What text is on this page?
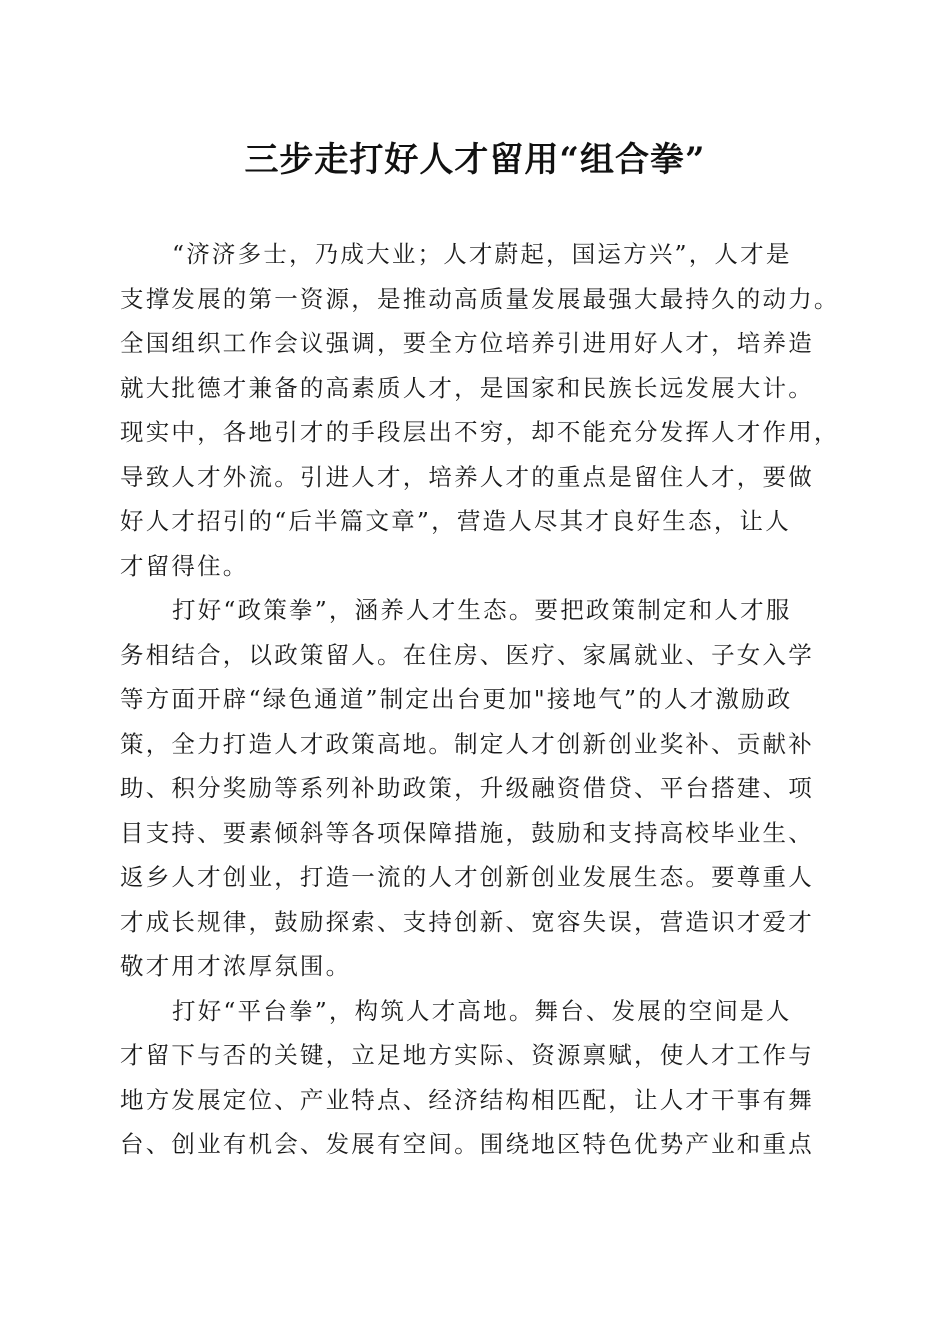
三步走打好人才留用“组合拳”
“济济多士，乃成大业；人才蔚起，国运方兴”，人才是
支撑发展的第一资源，是推动高质量发展最强大最持久的动力。
全国组织工作会议强调，要全方位培养引进用好人才，培养造
就大批德才兼备的高素质人才，是国家和民族长远发展大计。
现实中，各地引才的手段层出不穷，却不能充分发挥人才作用，
导致人才外流。引进人才，培养人才的重点是留住人才，要做
好人才招引的“后半篇文章”，营造人尽其才良好生态，让人
才留得住。
打好“政策拳”，涵养人才生态。要把政策制定和人才服
务相结合，以政策留人。在住房、医疗、家属就业、子女入学
等方面开辟“绿色通道”制定出台更加"接地气”的人才激励政
策，全力打造人才政策高地。制定人才创新创业奖补、贡献补
助、积分奖励等系列补助政策，升级融资借贷、平台搭建、项
目支持、要素倾斜等各项保障措施，鼓励和支持高校毕业生、
返乡人才创业，打造一流的人才创新创业发展生态。要尊重人
才成长规律，鼓励探索、支持创新、宽容失误，营造识才爱才
敬才用才浓厚氛围。
打好“平台拳”，构筑人才高地。舞台、发展的空间是人
才留下与否的关键，立足地方实际、资源禀赋，使人才工作与
地方发展定位、产业特点、经济结构相匹配，让人才干事有舞
台、创业有机会、发展有空间。围绕地区特色优势产业和重点
